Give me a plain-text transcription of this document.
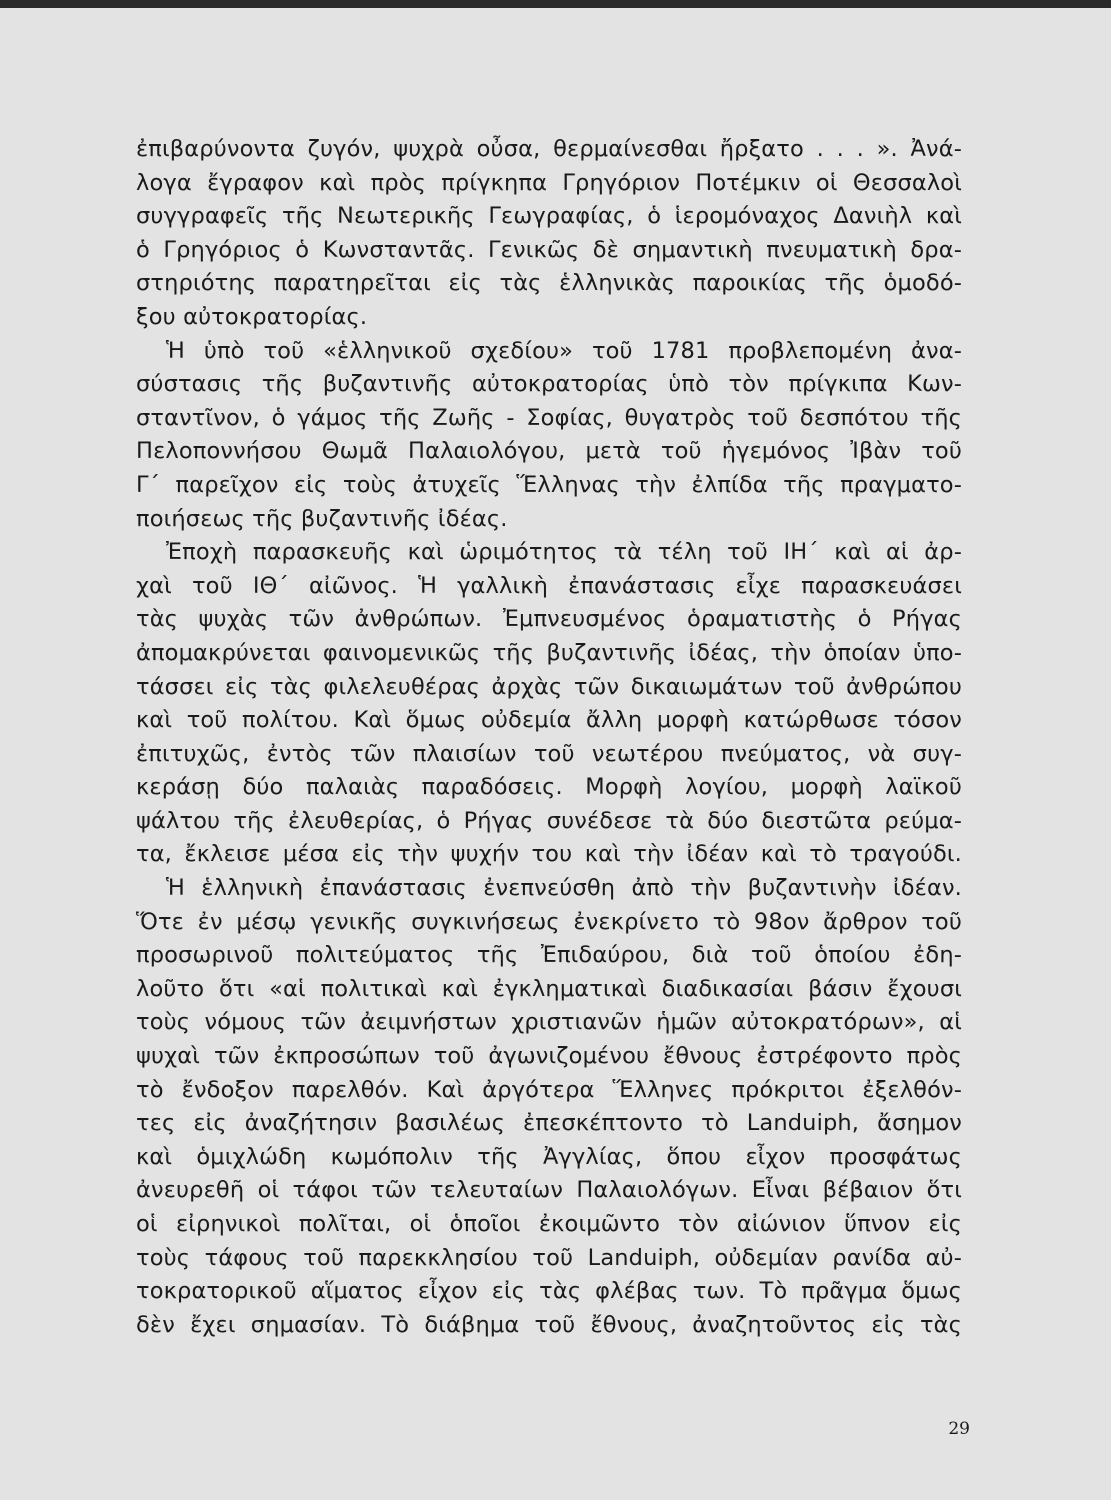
ἐπιβαρύνοντα ζυγόν, ψυχρὰ οὖσα, θερμαίνεσθαι ἤρξατο . . . ». Ἀνά-
λογα ἔγραφον καὶ πρὸς πρίγκηπα Γρηγόριον Ποτέμκιν οἱ Θεσσαλοὶ
συγγραφεῖς τῆς Νεωτερικῆς Γεωγραφίας, ὁ ἱερομόναχος Δανιὴλ καὶ
ὁ Γρηγόριος ὁ Κωνσταντᾶς. Γενικῶς δὲ σημαντικὴ πνευματικὴ δρα-
στηριότης παρατηρεῖται εἰς τὰς ἑλληνικὰς παροικίας τῆς ὁμοδό-
ξου αὐτοκρατορίας.
Ἡ ὑπὸ τοῦ «ἑλληνικοῦ σχεδίου» τοῦ 1781 προβλεπομένη ἀνα-
σύστασις τῆς βυζαντινῆς αὐτοκρατορίας ὑπὸ τὸν πρίγκιπα Κων-
σταντῖνον, ὁ γάμος τῆς Ζωῆς - Σοφίας, θυγατρὸς τοῦ δεσπότου τῆς
Πελοποννήσου Θωμᾶ Παλαιολόγου, μετὰ τοῦ ἡγεμόνος Ἰβὰν τοῦ
Γ΄ παρεῖχον εἰς τοὺς ἀτυχεῖς Ἕλληνας τὴν ἐλπίδα τῆς πραγματο-
ποιήσεως τῆς βυζαντινῆς ἰδέας.
Ἐποχὴ παρασκευῆς καὶ ὡριμότητος τὰ τέλη τοῦ ΙΗ΄ καὶ αἱ ἀρ-
χαὶ τοῦ ΙΘ΄ αἰῶνος. Ἡ γαλλικὴ ἐπανάστασις εἶχε παρασκευάσει
τὰς ψυχὰς τῶν ἀνθρώπων. Ἐμπνευσμένος ὁραματιστὴς ὁ Ρήγας
ἀπομακρύνεται φαινομενικῶς τῆς βυζαντινῆς ἰδέας, τὴν ὁποίαν ὑπο-
τάσσει εἰς τὰς φιλελευθέρας ἀρχὰς τῶν δικαιωμάτων τοῦ ἀνθρώπου
καὶ τοῦ πολίτου. Καὶ ὅμως οὐδεμία ἄλλη μορφὴ κατώρθωσε τόσον
ἐπιτυχῶς, ἐντὸς τῶν πλαισίων τοῦ νεωτέρου πνεύματος, νὰ συγ-
κεράσῃ δύο παλαιὰς παραδόσεις. Μορφὴ λογίου, μορφὴ λαϊκοῦ
ψάλτου τῆς ἐλευθερίας, ὁ Ρήγας συνέδεσε τὰ δύο διεστῶτα ρεύμα-
τα, ἔκλεισε μέσα εἰς τὴν ψυχήν του καὶ τὴν ἰδέαν καὶ τὸ τραγούδι.
Ἡ ἑλληνικὴ ἐπανάστασις ἐνεπνεύσθη ἀπὸ τὴν βυζαντινὴν ἰδέαν.
Ὅτε ἐν μέσῳ γενικῆς συγκινήσεως ἐνεκρίνετο τὸ 98ον ἄρθρον τοῦ
προσωρινοῦ πολιτεύματος τῆς Ἐπιδαύρου, διὰ τοῦ ὁποίου ἐδη-
λοῦτο ὅτι «αἱ πολιτικαὶ καὶ ἐγκληματικαὶ διαδικασίαι βάσιν ἔχουσι
τοὺς νόμους τῶν ἀειμνήστων χριστιανῶν ἡμῶν αὐτοκρατόρων», αἱ
ψυχαὶ τῶν ἐκπροσώπων τοῦ ἀγωνιζομένου ἔθνους ἐστρέφοντο πρὸς
τὸ ἔνδοξον παρελθόν. Καὶ ἀργότερα Ἕλληνες πρόκριτοι ἐξελθόν-
τες εἰς ἀναζήτησιν βασιλέως ἐπεσκέπτοντο τὸ Landuiph, ἄσημον
καὶ ὁμιχλώδη κωμόπολιν τῆς Ἀγγλίας, ὅπου εἶχον προσφάτως
ἀνευρεθῆ οἱ τάφοι τῶν τελευταίων Παλαιολόγων. Εἶναι βέβαιον ὅτι
οἱ εἰρηνικοὶ πολῖται, οἱ ὁποῖοι ἐκοιμῶντο τὸν αἰώνιον ὕπνον εἰς
τοὺς τάφους τοῦ παρεκκλησίου τοῦ Landuiph, οὐδεμίαν ρανίδα αὐ-
τοκρατορικοῦ αἵματος εἶχον εἰς τὰς φλέβας των. Τὸ πρᾶγμα ὅμως
δὲν ἔχει σημασίαν. Τὸ διάβημα τοῦ ἔθνους, ἀναζητοῦντος εἰς τὰς
29
